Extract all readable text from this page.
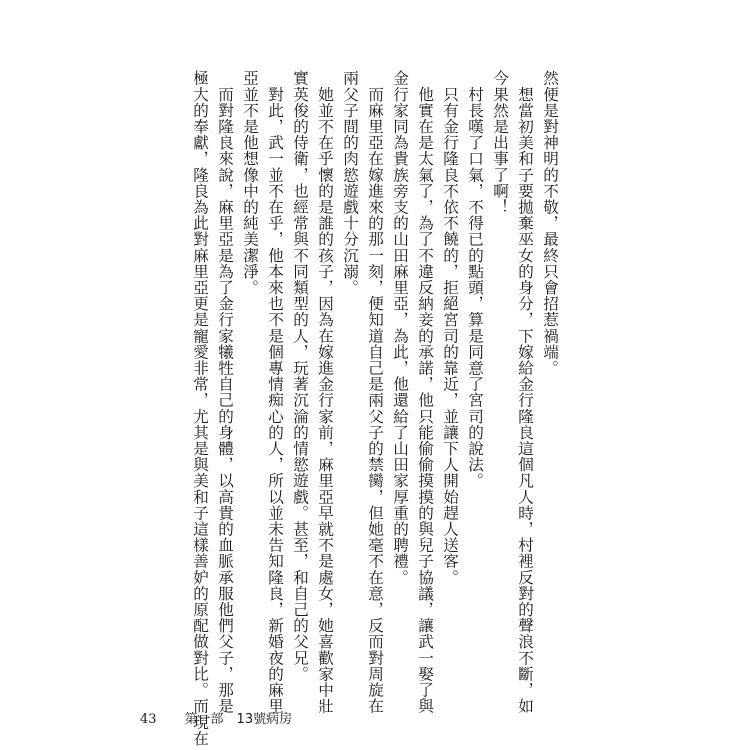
然便是對神明的不敬，最終只會招惹禍端。
　想當初美和子要拋棄巫女的身分，下嫁給金行隆良這個凡人時，村裡反對的聲浪不斷，如
今果然是出事了啊！
　村長嘆了口氣，不得已的點頭，算是同意了宮司的說法。
　只有金行隆良不依不饒的，拒絕宮司的靠近，並讓下人開始趕人送客。
　他實在是太氣了，為了不違反納妾的承諾，他只能偷偷摸摸的與兒子協議，讓武一娶了與
金行家同為貴族旁支的山田麻里亞，為此，他還給了山田家厚重的聘禮。
　而麻里亞在嫁進來的那一刻，便知道自己是兩父子的禁臠，但她毫不在意，反而對周旋在
兩父子間的肉慾遊戲十分沉溺。
　她並不在乎懷的是誰的孩子，因為在嫁進金行家前，麻里亞早就不是處女，她喜歡家中壯
實英俊的侍衛，也經常與不同類型的人，玩著沉淪的情慾遊戲。甚至，和自己的父兄。
　對此，武一並不在乎，他本來也不是個專情痴心的人，所以並未告知隆良，新婚夜的麻里
亞並不是他想像中的純美潔淨。
　而對隆良來說，麻里亞是為了金行家犧牲自己的身體，以高貴的血脈承服他們父子，那是
極大的奉獻，隆良為此對麻里亞更是寵愛非常，尤其是與美和子這樣善妒的原配做對比。而現在
43 第一部　13號病房
